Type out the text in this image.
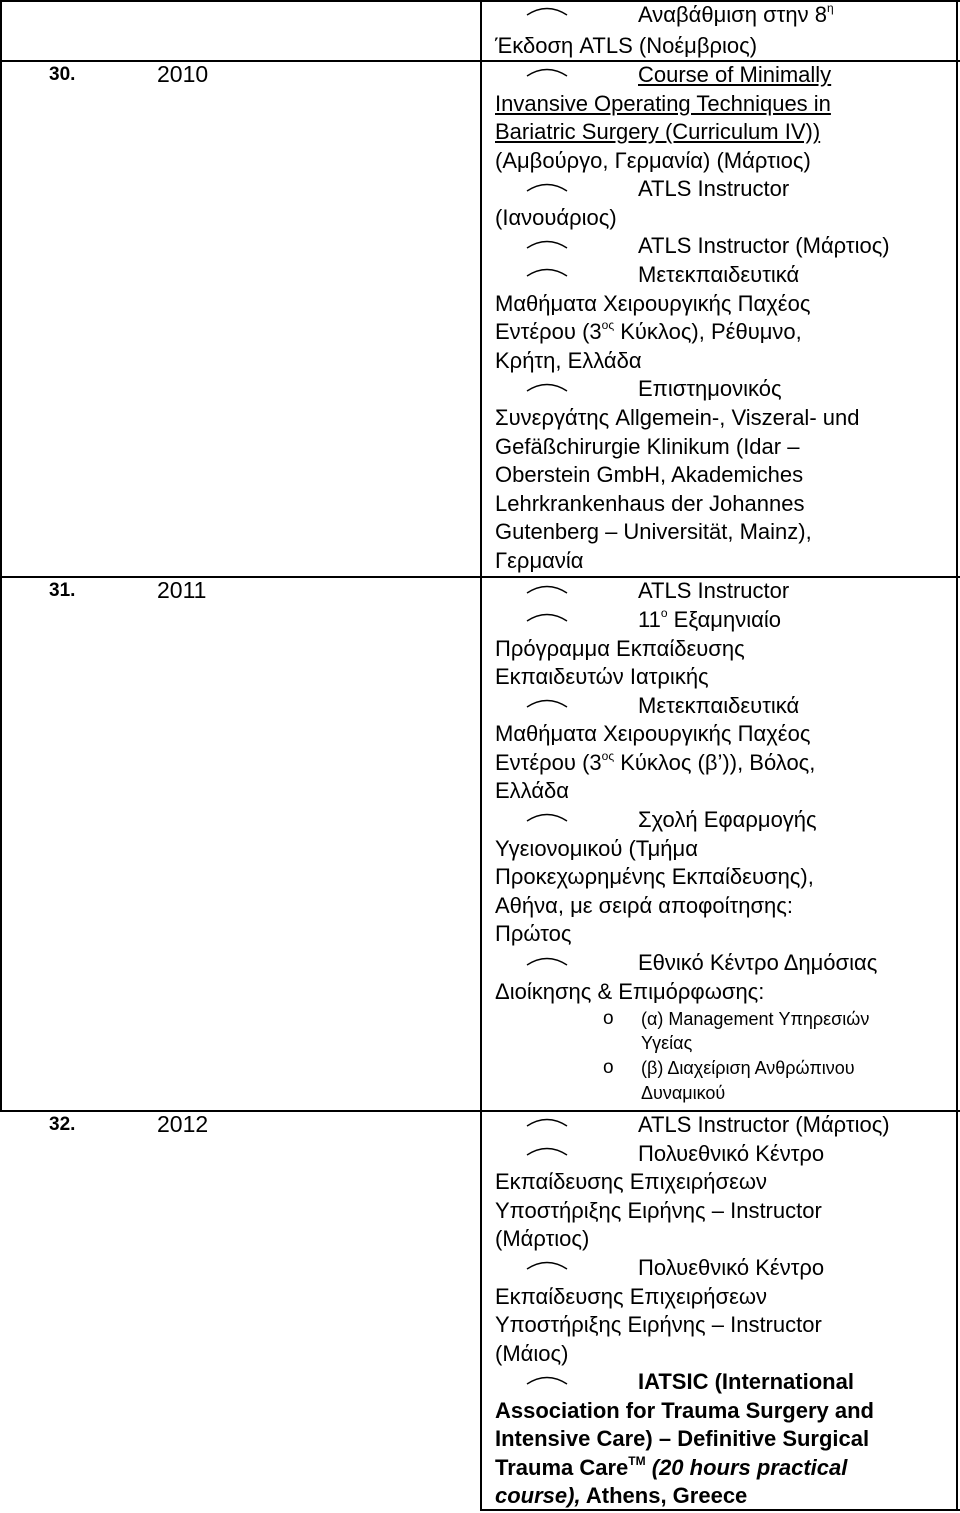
Αναβάθμιση στην $8^\eta$
Έκδοση ATLS (Νοέμβριος)
30.	2010	Course of Minimally
Invansive Operating Techniques in
Bariatric Surgery (Curriculum IV))
(Αμβούργο, Γερμανία) (Μάρτιος)
ATLS Instructor
(Ιανουάριος)
ATLS Instructor (Μάρτιος)
Μετεκπαιδευτικά
Μαθήματα Χειρουργικής Παχέος
Εντέρου ($3^{o\varsigma}$ Κύκλος), Ρέθυμνο,
Κρήτη, Ελλάδα
Επιστημονικός
Συνεργάτης Allgemein-, Viszeral- und
Gefäßchirurgie Klinikum (Idar –
Oberstein GmbH, Akademiches
Lehrkrankenhaus der Johannes
Gutenberg – Universität, Mainz),
Γερμανία
31.	2011	ATLS Instructor
$11^o$ Εξαμηνιαίο
Πρόγραμμα Εκπαίδευσης
Εκπαιδευτών Ιατρικής
Μετεκπαιδευτικά
Μαθήματα Χειρουργικής Παχέος
Εντέρου ($3^{o\varsigma}$ Κύκλος (β’)), Βόλος,
Ελλάδα
Σχολή Εφαρμογής
Υγειονομικού (Τμήμα
Προκεχωρημένης Εκπαίδευσης),
Αθήνα, με σειρά αποφοίτησης:
Πρώτος
Εθνικό Κέντρο Δημόσιας
Διοίκησης & Επιμόρφωσης:
o (α) Management Υπηρεσιών
Υγείας
o (β) Διαχείριση Ανθρώπινου
Δυναμικού
32.	2012	ATLS Instructor (Μάρτιος)
Πολυεθνικό Κέντρο
Εκπαίδευσης Επιχειρήσεων
Υποστήριξης Ειρήνης – Instructor
(Μάρτιος)
Πολυεθνικό Κέντρο
Εκπαίδευσης Επιχειρήσεων
Υποστήριξης Ειρήνης – Instructor
(Μάιος)
IATSIC (International
Association for Trauma Surgery and
Intensive Care) – Definitive Surgical
Trauma Care™ (20 hours practical
course), Athens, Greece
